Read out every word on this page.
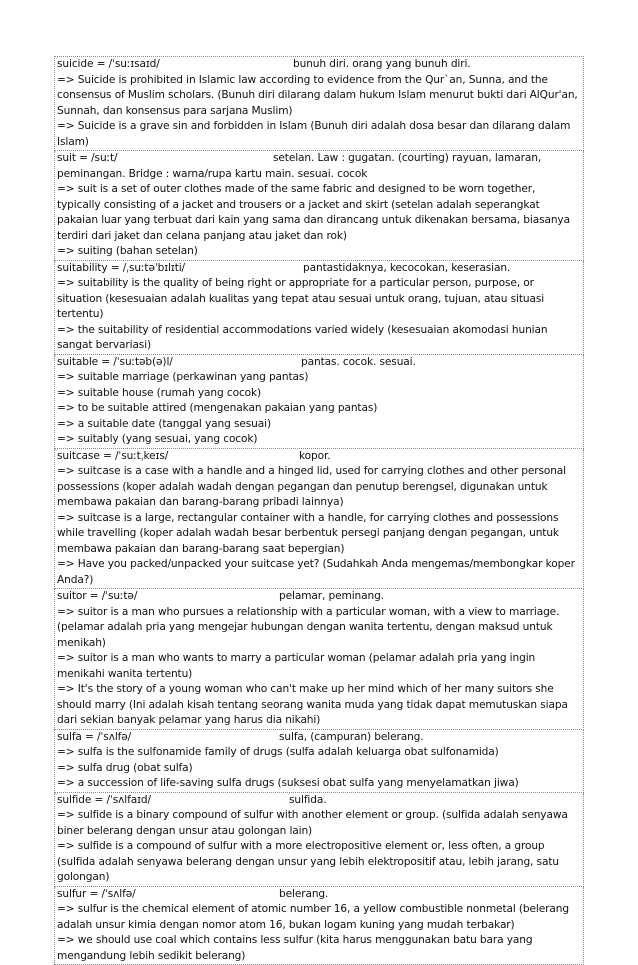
suicide = /ˈsuːɪsaɪd/	bunuh diri. orang yang bunuh diri.
=> Suicide is prohibited in Islamic law according to evidence from the Qur`an, Sunna, and the consensus of Muslim scholars. (Bunuh diri dilarang dalam hukum Islam menurut bukti dari AlQur'an, Sunnah, dan konsensus para sarjana Muslim)
=> Suicide is a grave sin and forbidden in Islam (Bunuh diri adalah dosa besar dan dilarang dalam Islam)
suit = /suːt/	setelan. Law : gugatan. (courting) rayuan, lamaran, peminangan. Bridge : warna/rupa kartu main. sesuai. cocok
=> suit is a set of outer clothes made of the same fabric and designed to be worn together, typically consisting of a jacket and trousers or a jacket and skirt (setelan adalah seperangkat pakaian luar yang terbuat dari kain yang sama dan dirancang untuk dikenakan bersama, biasanya terdiri dari jaket dan celana panjang atau jaket dan rok)
=> suiting (bahan setelan)
suitability = /ˌsuːtəˈbɪlɪti/	pantastidaknya, kecocokan, keserasian.
=> suitability is the quality of being right or appropriate for a particular person, purpose, or situation (kesesuaian adalah kualitas yang tepat atau sesuai untuk orang, tujuan, atau situasi tertentu)
=> the suitability of residential accommodations varied widely (kesesuaian akomodasi hunian sangat bervariasi)
suitable = /ˈsuːtəb(ə)l/	pantas. cocok. sesuai.
=> suitable marriage (perkawinan yang pantas)
=> suitable house (rumah yang cocok)
=> to be suitable attired (mengenakan pakaian yang pantas)
=> a suitable date (tanggal yang sesuai)
=> suitably (yang sesuai, yang cocok)
suitcase = /ˈsuːtˌkeɪs/	kopor.
=> suitcase is a case with a handle and a hinged lid, used for carrying clothes and other personal possessions (koper adalah wadah dengan pegangan dan penutup berengsel, digunakan untuk membawa pakaian dan barang-barang pribadi lainnya)
=> suitcase is a large, rectangular container with a handle, for carrying clothes and possessions while travelling (koper adalah wadah besar berbentuk persegi panjang dengan pegangan, untuk membawa pakaian dan barang-barang saat bepergian)
=> Have you packed/unpacked your suitcase yet? (Sudahkah Anda mengemas/membongkar koper Anda?)
suitor = /ˈsuːtə/	pelamar, peminang.
=> suitor is a man who pursues a relationship with a particular woman, with a view to marriage. (pelamar adalah pria yang mengejar hubungan dengan wanita tertentu, dengan maksud untuk menikah)
=> suitor is a man who wants to marry a particular woman (pelamar adalah pria yang ingin menikahi wanita tertentu)
=> It's the story of a young woman who can't make up her mind which of her many suitors she should marry (Ini adalah kisah tentang seorang wanita muda yang tidak dapat memutuskan siapa dari sekian banyak pelamar yang harus dia nikahi)
sulfa = /ˈsʌlfə/	sulfa, (campuran) belerang.
=> sulfa is the sulfonamide family of drugs (sulfa adalah keluarga obat sulfonamida)
=> sulfa drug (obat sulfa)
=> a succession of life-saving sulfa drugs (suksesi obat sulfa yang menyelamatkan jiwa)
sulfide = /ˈsʌlfaɪd/	sulfida.
=> sulfide is a binary compound of sulfur with another element or group. (sulfida adalah senyawa biner belerang dengan unsur atau golongan lain)
=> sulfide is a compound of sulfur with a more electropositive element or, less often, a group (sulfida adalah senyawa belerang dengan unsur yang lebih elektropositif atau, lebih jarang, satu golongan)
sulfur = /ˈsʌlfə/	belerang.
=> sulfur is the chemical element of atomic number 16, a yellow combustible nonmetal (belerang adalah unsur kimia dengan nomor atom 16, bukan logam kuning yang mudah terbakar)
=> we should use coal which contains less sulfur (kita harus menggunakan batu bara yang mengandung lebih sedikit belerang)
